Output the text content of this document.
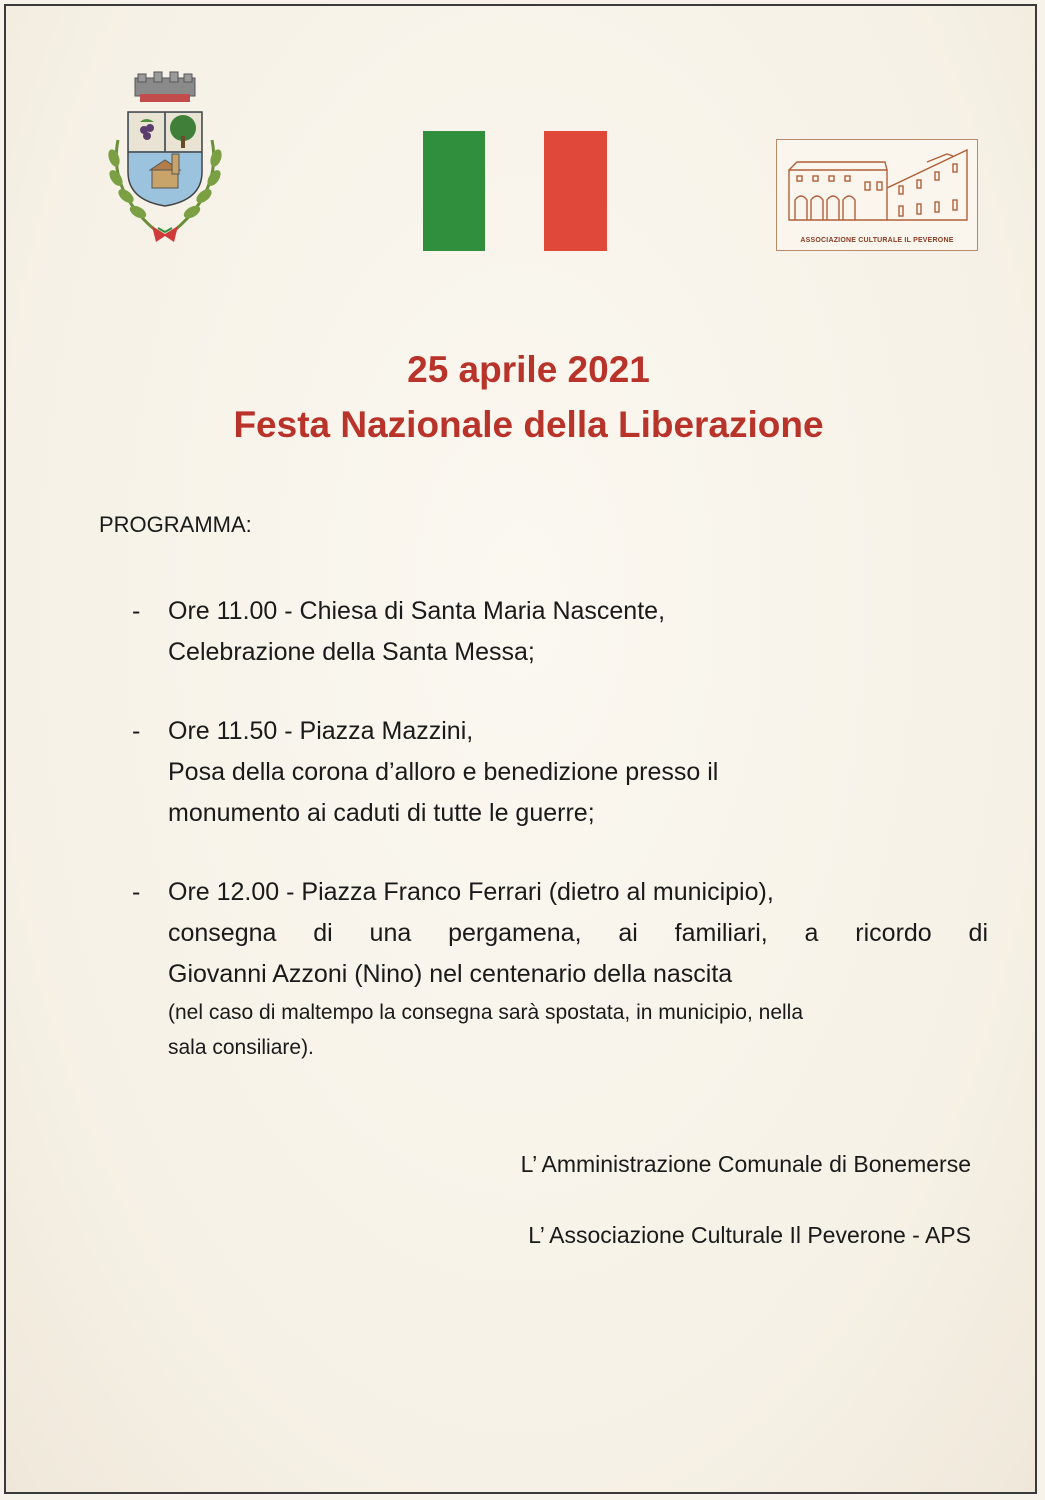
ASSOCIAZIONE CULTURALE IL PEVERONE
25 aprile 2021
Festa Nazionale della Liberazione
PROGRAMMA:
- Ore 11.00 - Chiesa di Santa Maria Nascente,
Celebrazione della Santa Messa;
- Ore 11.50 - Piazza Mazzini,
Posa della corona d’alloro e benedizione presso il
monumento ai caduti di tutte le guerre;
- Ore 12.00 - Piazza Franco Ferrari (dietro al municipio),
consegna di una pergamena, ai familiari, a ricordo di
Giovanni Azzoni (Nino) nel centenario della nascita
(nel caso di maltempo la consegna sarà spostata, in municipio, nella
sala consiliare).
L’ Amministrazione Comunale di Bonemerse
L’ Associazione Culturale Il Peverone - APS
